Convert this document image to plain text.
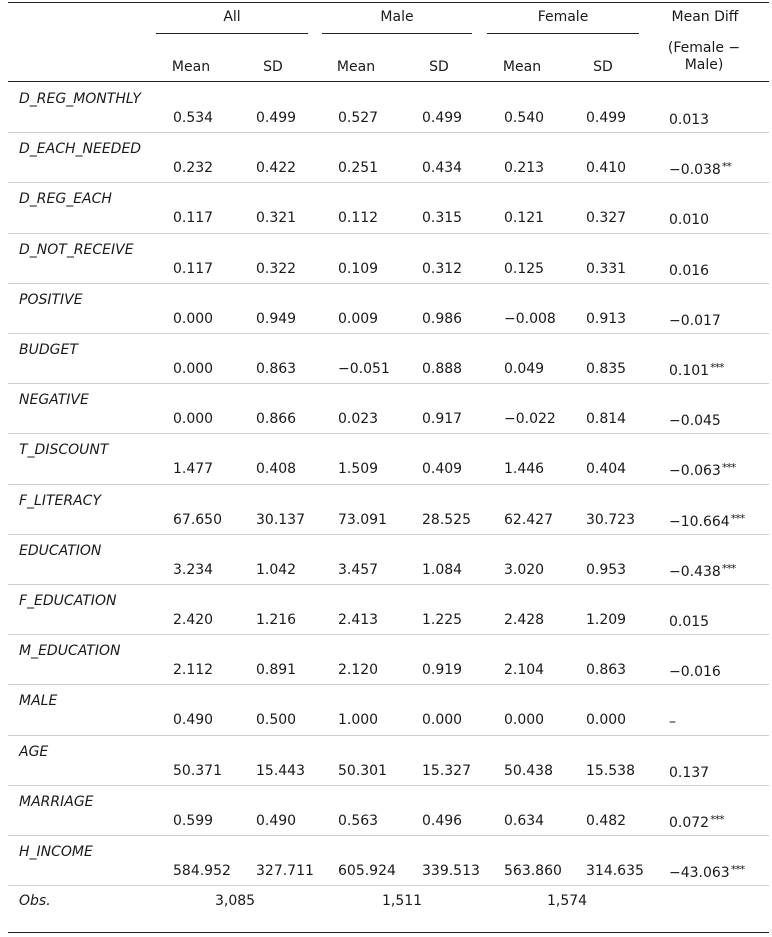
All	Male	Female	Mean Diff
(Female − Male)
Mean	SD	Mean	SD	Mean	SD
D_REG_MONTHLY
0.534	0.499	0.527	0.499	0.540	0.499	0.013
D_EACH_NEEDED
0.232	0.422	0.251	0.434	0.213	0.410	−0.038**
D_REG_EACH
0.117	0.321	0.112	0.315	0.121	0.327	0.010
D_NOT_RECEIVE
0.117	0.322	0.109	0.312	0.125	0.331	0.016
POSITIVE
0.000	0.949	0.009	0.986	−0.008 0.913	−0.017
BUDGET
0.000	0.863	−0.051 0.888	0.049	0.835	0.101***
NEGATIVE
0.000	0.866	0.023	0.917	−0.022 0.814	−0.045
T_DISCOUNT
1.477	0.408	1.509	0.409	1.446	0.404	−0.063***
F_LITERACY
67.650 30.137 73.091	28.525 62.427 30.723 −10.664***
EDUCATION
3.234	1.042	3.457	1.084	3.020	0.953	−0.438***
F_EDUCATION
2.420	1.216	2.413	1.225	2.428	1.209	0.015
M_EDUCATION
2.112	0.891	2.120	0.919	2.104	0.863	−0.016
MALE
0.490	0.500	1.000	0.000	0.000	0.000	–
AGE
50.371 15.443 50.301	15.327 50.438 15.538 0.137
MARRIAGE
0.599	0.490	0.563	0.496	0.634	0.482	0.072***
H_INCOME
584.952 327.711 605.924 339.513 563.860 314.635 −43.063***
Obs.	3,085	1,511	1,574
